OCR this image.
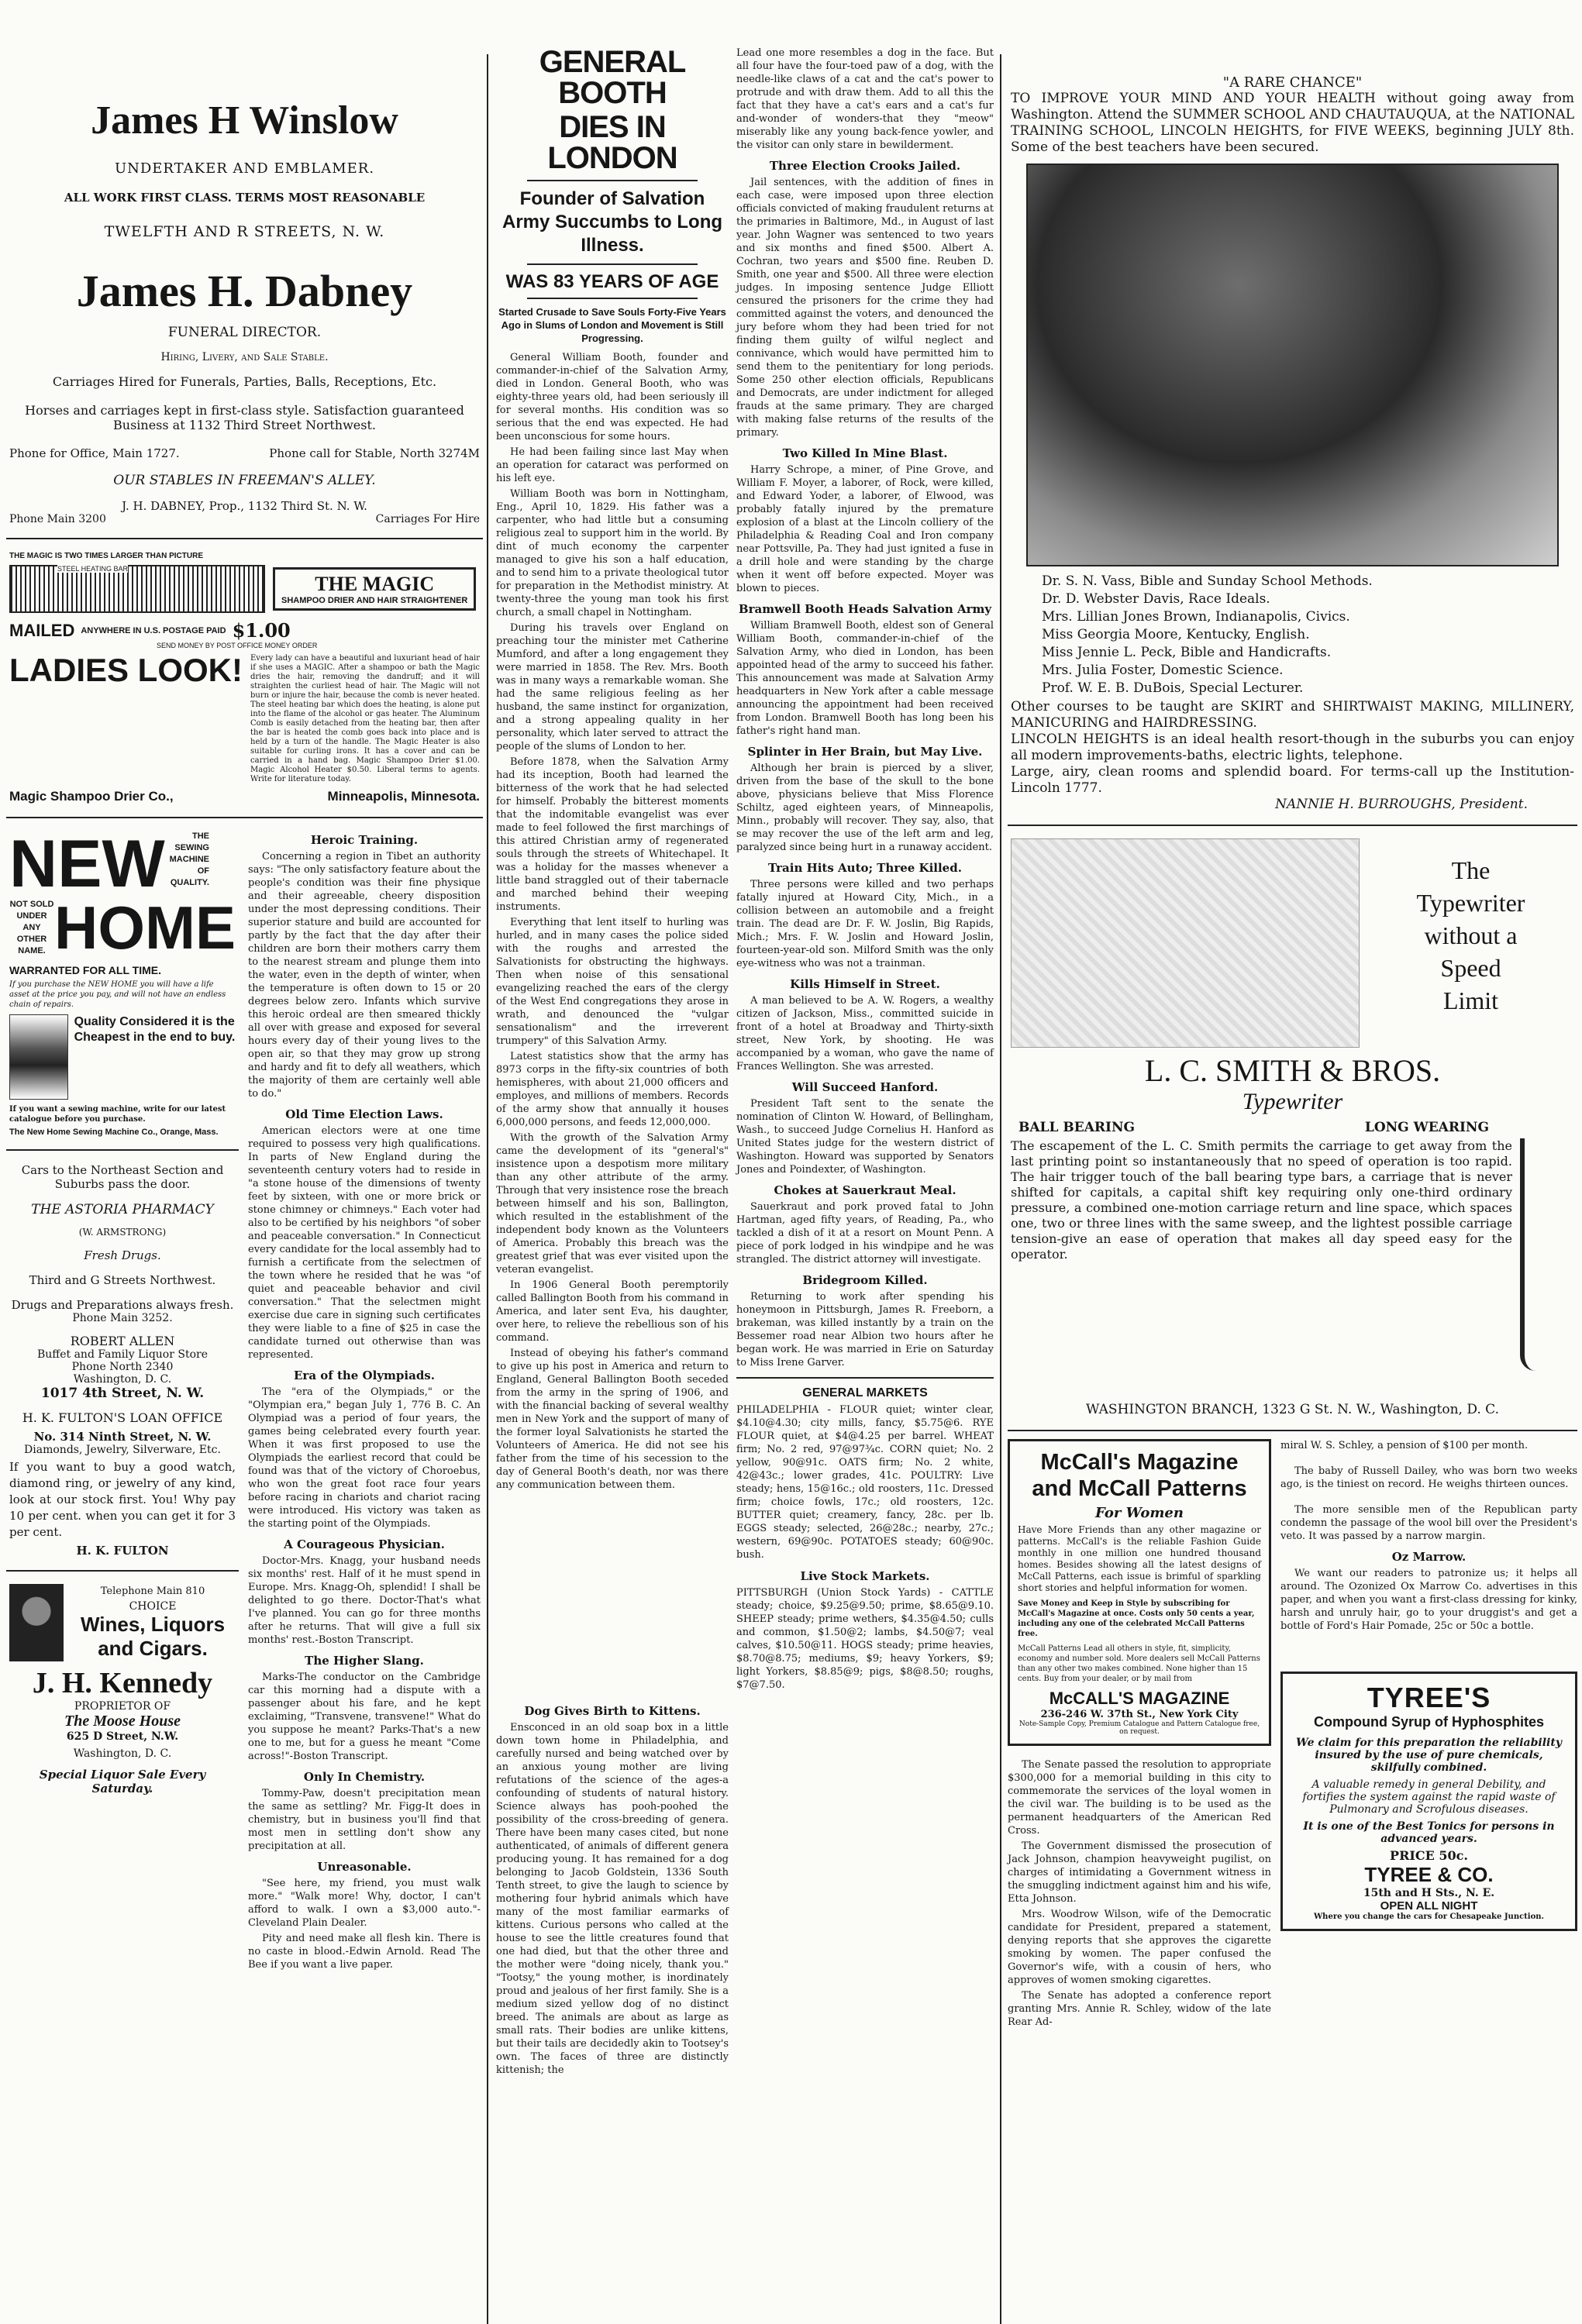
James H Winslow
UNDERTAKER AND EMBLAMER.
ALL WORK FIRST CLASS. TERMS MOST REASONABLE
TWELFTH AND R STREETS, N. W.
James H. Dabney
FUNERAL DIRECTOR.
Hiring, Livery, and Sale Stable.
Carriages Hired for Funerals, Parties, Balls, Receptions, Etc.
Horses and carriages kept in first-class style. Satisfaction guaranteed
Business at 1132 Third Street Northwest.
Phone for Office, Main 1727.	Phone call for Stable, North 3274M
OUR STABLES IN FREEMAN'S ALLEY.
J. H. DABNEY, Prop., 1132 Third St. N. W.
Phone Main 3200	Carriages For Hire
THE MAGIC IS TWO TIMES LARGER THAN PICTURE
STEEL HEATING BAR
THE MAGIC
SHAMPOO DRIER AND HAIR STRAIGHTENER
MAILED ANYWHERE IN U.S. POSTAGE PAID $1.00
SEND MONEY BY POST OFFICE MONEY ORDER
LADIES LOOK! Every lady can have a beautiful and luxuriant head of hair if she uses a MAGIC. After a shampoo or bath the Magic dries the hair, removing the dandruff; and it will straighten the curliest head of hair. The Magic will not burn or injure the hair, because the comb is never heated. The steel heating bar which does the heating, is alone put into the flame of the alcohol or gas heater. The Aluminum Comb is easily detached from the heating bar, then after the bar is heated the comb goes back into place and is held by a turn of the handle. The Magic Heater is also suitable for curling irons. It has a cover and can be carried in a hand bag. Magic Shampoo Drier $1.00. Magic Alcohol Heater $0.50. Liberal terms to agents. Write for literature today.
Magic Shampoo Drier Co.,	Minneapolis, Minnesota.
NEW	THE
SEWING
MACHINE
OF
QUALITY.
NOT SOLD UNDER ANY OTHER NAME. HOME
WARRANTED FOR ALL TIME.
If you purchase the NEW HOME you will have a life asset at the price you pay, and will not have an endless chain of repairs.
Quality Considered it is the Cheapest in the end to buy.
If you want a sewing machine, write for our latest catalogue before you purchase.
The New Home Sewing Machine Co., Orange, Mass.
Cars to the Northeast Section and Suburbs pass the door.
THE ASTORIA PHARMACY
(W. ARMSTRONG)
Fresh Drugs.
Third and G Streets Northwest.
Drugs and Preparations always fresh.
Phone Main 3252.
ROBERT ALLEN
Buffet and Family Liquor Store
Phone North 2340
Washington, D. C.
1017 4th Street, N. W.
H. K. FULTON'S LOAN OFFICE
No. 314 Ninth Street, N. W.
Diamonds, Jewelry, Silverware, Etc.
If you want to buy a good watch, diamond ring, or jewelry of any kind, look at our stock first. You! Why pay 10 per cent. when you can get it for 3 per cent.
H. K. FULTON
Telephone Main 810
CHOICE
Wines, Liquors
and Cigars.
J. H. Kennedy
PROPRIETOR OF
The Moose House
625 D Street, N.W.
Washington, D. C.
Special Liquor Sale Every Saturday.
Heroic Training.

Concerning a region in Tibet an authority says: "The only satisfactory feature about the people's condition was their fine physique and their agreeable, cheery disposition under the most depressing conditions. Their superior stature and build are accounted for partly by the fact that the day after their children are born their mothers carry them to the nearest stream and plunge them into the water, even in the depth of winter, when the temperature is often down to 15 or 20 degrees below zero. Infants which survive this heroic ordeal are then smeared thickly all over with grease and exposed for several hours every day of their young lives to the open air, so that they may grow up strong and hardy and fit to defy all weathers, which the majority of them are certainly well able to do."

Old Time Election Laws.

American electors were at one time required to possess very high qualifications. In parts of New England during the seventeenth century voters had to reside in "a stone house of the dimensions of twenty feet by sixteen, with one or more brick or stone chimney or chimneys." Each voter had also to be certified by his neighbors "of sober and peaceable conversation." In Connecticut every candidate for the local assembly had to furnish a certificate from the selectmen of the town where he resided that he was "of quiet and peaceable behavior and civil conversation." That the selectmen might exercise due care in signing such certificates they were liable to a fine of $25 in case the candidate turned out otherwise than was represented.

Era of the Olympiads.

The "era of the Olympiads," or the "Olympian era," began July 1, 776 B. C. An Olympiad was a period of four years, the games being celebrated every fourth year. When it was first proposed to use the Olympiads the earliest record that could be found was that of the victory of Choroebus, who won the great foot race four years before racing in chariots and chariot racing were introduced. His victory was taken as the starting point of the Olympiads.

A Courageous Physician.

Doctor-Mrs. Knagg, your husband needs six months' rest. Half of it he must spend in Europe. Mrs. Knagg-Oh, splendid! I shall be delighted to go there. Doctor-That's what I've planned. You can go for three months after he returns. That will give a full six months' rest.-Boston Transcript.

The Higher Slang.

Marks-The conductor on the Cambridge car this morning had a dispute with a passenger about his fare, and he kept exclaiming, "Transvene, transvene!" What do you suppose he meant? Parks-That's a new one to me, but for a guess he meant "Come across!"-Boston Transcript.

Only In Chemistry.

Tommy-Paw, doesn't precipitation mean the same as settling? Mr. Figg-It does in chemistry, but in business you'll find that most men in settling don't show any precipitation at all.

Unreasonable.

"See here, my friend, you must walk more." "Walk more! Why, doctor, I can't afford to walk. I own a $3,000 auto."-Cleveland Plain Dealer.

Pity and need make all flesh kin. There is no caste in blood.-Edwin Arnold. Read The Bee if you want a live paper.

GENERAL BOOTH
DIES IN LONDON
Founder of Salvation Army Succumbs to Long Illness.
WAS 83 YEARS OF AGE
Started Crusade to Save Souls Forty-Five Years Ago in Slums of London and Movement is Still Progressing.

General William Booth, founder and commander-in-chief of the Salvation Army, died in London. General Booth, who was eighty-three years old, had been seriously ill for several months. His condition was so serious that the end was expected. He had been unconscious for some hours.

He had been failing since last May when an operation for cataract was performed on his left eye.

William Booth was born in Nottingham, Eng., April 10, 1829. His father was a carpenter, who had little but a consuming religious zeal to support him in the world. By dint of much economy the carpenter managed to give his son a half education, and to send him to a private theological tutor for preparation in the Methodist ministry. At twenty-three the young man took his first church, a small chapel in Nottingham.

During his travels over England on preaching tour the minister met Catherine Mumford, and after a long engagement they were married in 1858. The Rev. Mrs. Booth was in many ways a remarkable woman. She had the same religious feeling as her husband, the same instinct for organization, and a strong appealing quality in her personality, which later served to attract the people of the slums of London to her.

Before 1878, when the Salvation Army had its inception, Booth had learned the bitterness of the work that he had selected for himself. Probably the bitterest moments that the indomitable evangelist was ever made to feel followed the first marchings of this attired Christian army of regenerated souls through the streets of Whitechapel. It was a holiday for the masses whenever a little band straggled out of their tabernacle and marched behind their weeping instruments.

Everything that lent itself to hurling was hurled, and in many cases the police sided with the roughs and arrested the Salvationists for obstructing the highways. Then when noise of this sensational evangelizing reached the ears of the clergy of the West End congregations they arose in wrath, and denounced the "vulgar sensationalism" and the irreverent trumpery" of this Salvation Army.

Latest statistics show that the army has 8973 corps in the fifty-six countries of both hemispheres, with about 21,000 officers and employes, and millions of members. Records of the army show that annually it houses 6,000,000 persons, and feeds 12,000,000.

With the growth of the Salvation Army came the development of its "general's" insistence upon a despotism more military than any other attribute of the army. Through that very insistence rose the breach between himself and his son, Ballington, which resulted in the establishment of the independent body known as the Volunteers of America. Probably this breach was the greatest grief that was ever visited upon the veteran evangelist.

In 1906 General Booth peremptorily called Ballington Booth from his command in America, and later sent Eva, his daughter, over here, to relieve the rebellious son of his command.

Instead of obeying his father's command to give up his post in America and return to England, General Ballington Booth seceded from the army in the spring of 1906, and with the financial backing of several wealthy men in New York and the support of many of the former loyal Salvationists he started the Volunteers of America. He did not see his father from the time of his secession to the day of General Booth's death, nor was there any communication between them.

Lead one more resembles a dog in the face. But all four have the four-toed paw of a dog, with the needle-like claws of a cat and the cat's power to protrude and with draw them. Add to all this the fact that they have a cat's ears and a cat's fur and-wonder of wonders-that they "meow" miserably like any young back-fence yowler, and the visitor can only stare in bewilderment.
Three Election Crooks Jailed.

Jail sentences, with the addition of fines in each case, were imposed upon three election officials convicted of making fraudulent returns at the primaries in Baltimore, Md., in August of last year. John Wagner was sentenced to two years and six months and fined $500. Albert A. Cochran, two years and $500 fine. Reuben D. Smith, one year and $500. All three were election judges. In imposing sentence Judge Elliott censured the prisoners for the crime they had committed against the voters, and denounced the jury before whom they had been tried for not finding them guilty of wilful neglect and connivance, which would have permitted him to send them to the penitentiary for long periods. Some 250 other election officials, Republicans and Democrats, are under indictment for alleged frauds at the same primary. They are charged with making false returns of the results of the primary.

Two Killed In Mine Blast.

Harry Schrope, a miner, of Pine Grove, and William F. Moyer, a laborer, of Rock, were killed, and Edward Yoder, a laborer, of Elwood, was probably fatally injured by the premature explosion of a blast at the Lincoln colliery of the Philadelphia & Reading Coal and Iron company near Pottsville, Pa. They had just ignited a fuse in a drill hole and were standing by the charge when it went off before expected. Moyer was blown to pieces.

Bramwell Booth Heads Salvation Army

William Bramwell Booth, eldest son of General William Booth, commander-in-chief of the Salvation Army, who died in London, has been appointed head of the army to succeed his father. This announcement was made at Salvation Army headquarters in New York after a cable message announcing the appointment had been received from London. Bramwell Booth has long been his father's right hand man.

Splinter in Her Brain, but May Live.

Although her brain is pierced by a sliver, driven from the base of the skull to the bone above, physicians believe that Miss Florence Schiltz, aged eighteen years, of Minneapolis, Minn., probably will recover. They say, also, that se may recover the use of the left arm and leg, paralyzed since being hurt in a runaway accident.

Train Hits Auto; Three Killed.

Three persons were killed and two perhaps fatally injured at Howard City, Mich., in a collision between an automobile and a freight train. The dead are Dr. F. W. Joslin, Big Rapids, Mich.; Mrs. F. W. Joslin and Howard Joslin, fourteen-year-old son. Milford Smith was the only eye-witness who was not a trainman.

Kills Himself in Street.

A man believed to be A. W. Rogers, a wealthy citizen of Jackson, Miss., committed suicide in front of a hotel at Broadway and Thirty-sixth street, New York, by shooting. He was accompanied by a woman, who gave the name of Frances Wellington. She was arrested.

Will Succeed Hanford.

President Taft sent to the senate the nomination of Clinton W. Howard, of Bellingham, Wash., to succeed Judge Cornelius H. Hanford as United States judge for the western district of Washington. Howard was supported by Senators Jones and Poindexter, of Washington.

Chokes at Sauerkraut Meal.

Sauerkraut and pork proved fatal to John Hartman, aged fifty years, of Reading, Pa., who tackled a dish of it at a resort on Mount Penn. A piece of pork lodged in his windpipe and he was strangled. The district attorney will investigate.

Bridegroom Killed.

Returning to work after spending his honeymoon in Pittsburgh, James R. Freeborn, a brakeman, was killed instantly by a train on the Bessemer road near Albion two hours after he began work. He was married in Erie on Saturday to Miss Irene Garver.

GENERAL MARKETS
PHILADELPHIA - FLOUR quiet; winter clear, $4.10@4.30; city mills, fancy, $5.75@6. RYE FLOUR quiet, at $4@4.25 per barrel. WHEAT firm; No. 2 red, 97@97¾c. CORN quiet; No. 2 yellow, 90@91c. OATS firm; No. 2 white, 42@43c.; lower grades, 41c. POULTRY: Live steady; hens, 15@16c.; old roosters, 11c. Dressed firm; choice fowls, 17c.; old roosters, 12c. BUTTER quiet; creamery, fancy, 28c. per lb. EGGS steady; selected, 26@28c.; nearby, 27c.; western, 69@90c. POTATOES steady; 60@90c. bush.
Live Stock Markets.
PITTSBURGH (Union Stock Yards) - CATTLE steady; choice, $9.25@9.50; prime, $8.65@9.10. SHEEP steady; prime wethers, $4.35@4.50; culls and common, $1.50@2; lambs, $4.50@7; veal calves, $10.50@11. HOGS steady; prime heavies, $8.70@8.75; mediums, $9; heavy Yorkers, $9; light Yorkers, $8.85@9; pigs, $8@8.50; roughs, $7@7.50.
Dog Gives Birth to Kittens.

Ensconced in an old soap box in a little down town home in Philadelphia, and carefully nursed and being watched over by an anxious young mother are living refutations of the science of the ages-a confounding of students of natural history. Science always has pooh-poohed the possibility of the cross-breeding of genera. There have been many cases cited, but none authenticated, of animals of different genera producing young. It has remained for a dog belonging to Jacob Goldstein, 1336 South Tenth street, to give the laugh to science by mothering four hybrid animals which have many of the most familiar earmarks of kittens. Curious persons who called at the house to see the little creatures found that one had died, but that the other three and the mother were "doing nicely, thank you." "Tootsy," the young mother, is inordinately proud and jealous of her first family. She is a medium sized yellow dog of no distinct breed. The animals are about as large as small rats. Their bodies are unlike kittens, but their tails are decidedly akin to Tootsey's own. The faces of three are distinctly kittenish; the

"A RARE CHANCE"
TO IMPROVE YOUR MIND AND YOUR HEALTH without going away from Washington. Attend the SUMMER SCHOOL AND CHAUTAUQUA, at the NATIONAL TRAINING SCHOOL, LINCOLN HEIGHTS, for FIVE WEEKS, beginning JULY 8th. Some of the best teachers have been secured.
Dr. S. N. Vass, Bible and Sunday School Methods.
Dr. D. Webster Davis, Race Ideals.
Mrs. Lillian Jones Brown, Indianapolis, Civics.
Miss Georgia Moore, Kentucky, English.
Miss Jennie L. Peck, Bible and Handicrafts.
Mrs. Julia Foster, Domestic Science.
Prof. W. E. B. DuBois, Special Lecturer.
Other courses to be taught are SKIRT and SHIRTWAIST MAKING, MILLINERY, MANICURING and HAIRDRESSING.
LINCOLN HEIGHTS is an ideal health resort-though in the suburbs you can enjoy all modern improvements-baths, electric lights, telephone.
Large, airy, clean rooms and splendid board. For terms-call up the Institution-Lincoln 1777.
NANNIE H. BURROUGHS, President.
The
Typewriter
without a
Speed
Limit
L. C. SMITH & BROS.
Typewriter
BALL BEARING	LONG WEARING
The escapement of the L. C. Smith permits the carriage to get away from the last printing point so instantaneously that no speed of operation is too rapid. The hair trigger touch of the ball bearing type bars, a carriage that is never shifted for capitals, a capital shift key requiring only one-third ordinary pressure, a combined one-motion carriage return and line space, which spaces one, two or three lines with the same sweep, and the lightest possible carriage tension-give an ease of operation that makes all day speed easy for the operator.
WASHINGTON BRANCH, 1323 G St. N. W., Washington, D. C.
McCall's Magazine and McCall Patterns
For Women
Have More Friends than any other magazine or patterns. McCall's is the reliable Fashion Guide monthly in one million one hundred thousand homes. Besides showing all the latest designs of McCall Patterns, each issue is brimful of sparkling short stories and helpful information for women.
Save Money and Keep in Style by subscribing for McCall's Magazine at once. Costs only 50 cents a year, including any one of the celebrated McCall Patterns free.
McCall Patterns Lead all others in style, fit, simplicity, economy and number sold. More dealers sell McCall Patterns than any other two makes combined. None higher than 15 cents. Buy from your dealer, or by mail from
McCALL'S MAGAZINE
236-246 W. 37th St., New York City
Note-Sample Copy, Premium Catalogue and Pattern Catalogue free, on request.

The Senate passed the resolution to appropriate $300,000 for a memorial building in this city to commemorate the services of the loyal women in the civil war. The building is to be used as the permanent headquarters of the American Red Cross.

The Government dismissed the prosecution of Jack Johnson, champion heavyweight pugilist, on charges of intimidating a Government witness in the smuggling indictment against him and his wife, Etta Johnson.

Mrs. Woodrow Wilson, wife of the Democratic candidate for President, prepared a statement, denying reports that she approves the cigarette smoking by women. The paper confused the Governor's wife, with a cousin of hers, who approves of women smoking cigarettes.

The Senate has adopted a conference report granting Mrs. Annie R. Schley, widow of the late Rear Ad-

miral W. S. Schley, a pension of $100 per month.

The baby of Russell Dailey, who was born two weeks ago, is the tiniest on record. He weighs thirteen ounces.

The more sensible men of the Republican party condemn the passage of the wool bill over the President's veto. It was passed by a narrow margin.

Oz Marrow.

We want our readers to patronize us; it helps all around. The Ozonized Ox Marrow Co. advertises in this paper, and when you want a first-class dressing for kinky, harsh and unruly hair, go to your druggist's and get a bottle of Ford's Hair Pomade, 25c or 50c a bottle.

TYREE'S
Compound Syrup of Hyphosphites
We claim for this preparation the reliability insured by the use of pure chemicals, skilfully combined.
A valuable remedy in general Debility, and fortifies the system against the rapid waste of Pulmonary and Scrofulous diseases.
It is one of the Best Tonics for persons in advanced years.
PRICE 50c.
TYREE & CO.
15th and H Sts., N. E.
OPEN ALL NIGHT
Where you change the cars for Chesapeake Junction.
